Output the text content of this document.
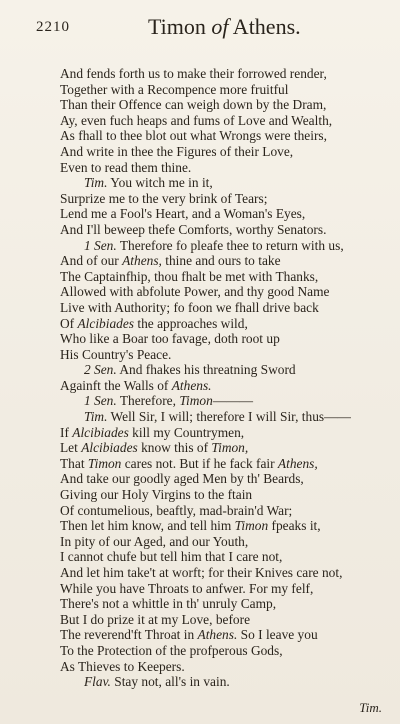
2210	Timon of Athens.
And fends forth us to make their forrowed render,
Together with a Recompence more fruitful
Than their Offence can weigh down by the Dram,
Ay, even fuch heaps and fums of Love and Wealth,
As fhall to thee blot out what Wrongs were theirs,
And write in thee the Figures of their Love,
Even to read them thine.
Tim. You witch me in it,
Surprize me to the very brink of Tears;
Lend me a Fool's Heart, and a Woman's Eyes,
And I'll beweep thefe Comforts, worthy Senators.
1 Sen. Therefore fo pleafe thee to return with us,
And of our Athens, thine and ours to take
The Captainfhip, thou fhalt be met with Thanks,
Allowed with abfolute Power, and thy good Name
Live with Authority; fo foon we fhall drive back
Of Alcibiades the approaches wild,
Who like a Boar too favage, doth root up
His Country's Peace.
2 Sen. And fhakes his threatning Sword
Againft the Walls of Athens.
1 Sen. Therefore, Timon———
Tim. Well Sir, I will; therefore I will Sir, thus——
If Alcibiades kill my Countrymen,
Let Alcibiades know this of Timon,
That Timon cares not. But if he fack fair Athens,
And take our goodly aged Men by th' Beards,
Giving our Holy Virgins to the ftain
Of contumelious, beaftly, mad-brain'd War;
Then let him know, and tell him Timon fpeaks it,
In pity of our Aged, and our Youth,
I cannot chufe but tell him that I care not,
And let him take't at worft; for their Knives care not,
While you have Throats to anfwer. For my felf,
There's not a whittle in th' unruly Camp,
But I do prize it at my Love, before
The reverend'ft Throat in Athens. So I leave you
To the Protection of the profperous Gods,
As Thieves to Keepers.
Flav. Stay not, all's in vain.
Tim.
